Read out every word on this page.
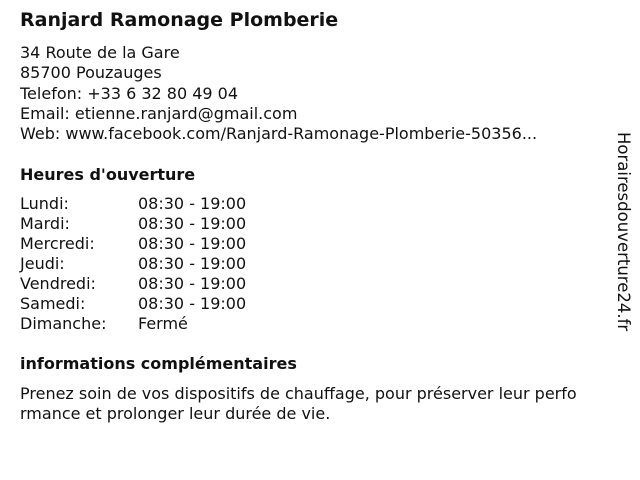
Ranjard Ramonage Plomberie
34 Route de la Gare
85700 Pouzauges
Telefon: +33 6 32 80 49 04
Email: etienne.ranjard@gmail.com
Web: www.facebook.com/Ranjard-Ramonage-Plomberie-50356...
Heures d'ouverture
Lundi:	08:30 - 19:00
Mardi:	08:30 - 19:00
Mercredi:	08:30 - 19:00
Jeudi:	08:30 - 19:00
Vendredi:	08:30 - 19:00
Samedi:	08:30 - 19:00
Dimanche:	Fermé
informations complémentaires
Prenez soin de vos dispositifs de chauffage, pour préserver leur perfo
rmance et prolonger leur durée de vie.
Horairesdouverture24.fr
